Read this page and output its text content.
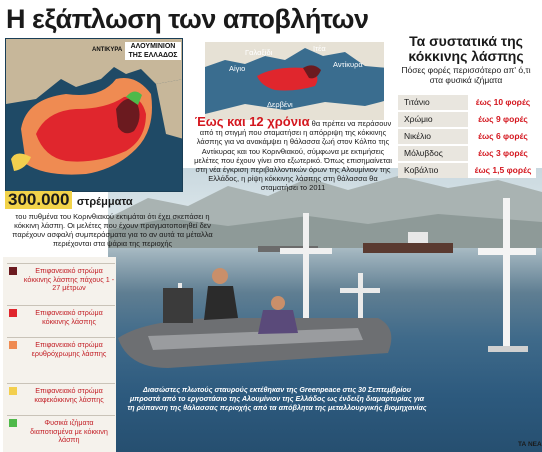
Η εξάπλωση των αποβλήτων
ΑΝΤΙΚΥΡΑ	ΑΛΟΥΜΙΝΙΟΝ ΤΗΣ ΕΛΛΑΔΟΣ	Γαλαξίδι	Ιτέα
Αίγιο	Αντίκυρα
Δερβένι
Τα συστατικά της κόκκινης λάσπης
Πόσες φορές περισσότερο απ' ό,τι στα φυσικά ιζήματα
Τιτάνιο	έως 10 φορές
Χρώμιο	έως 9 φορές
Νικέλιο	έως 6 φορές
Μόλυβδος	έως 3 φορές
Κοβάλτιο	έως 1,5 φορές
Έως και 12 χρόνια θα πρέπει να περάσουν από τη στιγμή που σταματήσει η απόρριψη της κόκκινης λάσπης για να ανακάμψει η θάλασσα ζωή στον Κόλπο της Αντίκυρας και του Κορινθιακού, σύμφωνα με εκτιμήσεις μελέτες που έχουν γίνει στο εξωτερικό. Όπως επισημαίνεται στη νέα έγκριση περιβαλλοντικών όρων της Αλουμίνιον της Ελλάδος, η ρίψη κόκκινης λάσπης στη θάλασσα θα σταματήσει το 2011
300.000 στρέμματα
του πυθμένα του Κορινθιακού εκτιμάται ότι έχει σκεπάσει η κόκκινη λάσπη. Οι μελέτες που έχουν πραγματοποιηθεί δεν παρέχουν ασφαλή συμπεράσματα για το αν αυτά τα μέταλλα περιέχονται στα ψάρια της περιοχής
Επιφανειακό στρώμα κόκκινης λάσπης πάχους 1 - 27 μέτρων
Επιφανειακό στρώμα κόκκινης λάσπης
Επιφανειακό στρώμα ερυθρόχρωμης λάσπης
Επιφανειακό στρώμα καφεκόκκινης λάσπης
Φυσικά ιζήματα διαποτισμένα με κόκκινη λάσπη
Διασώστες πλωτούς σταυρούς εκτέθηκαν της Greenpeace στις 30 Σεπτεμβρίου μπροστά από το εργοστάσιο της Αλουμίνιον της Ελλάδος ως ένδειξη διαμαρτυρίας για τη ρύπανση της θάλασσας περιοχής από τα απόβλητα της μεταλλουργικής βιομηχανίας
ΤΑ ΝΕΑ
